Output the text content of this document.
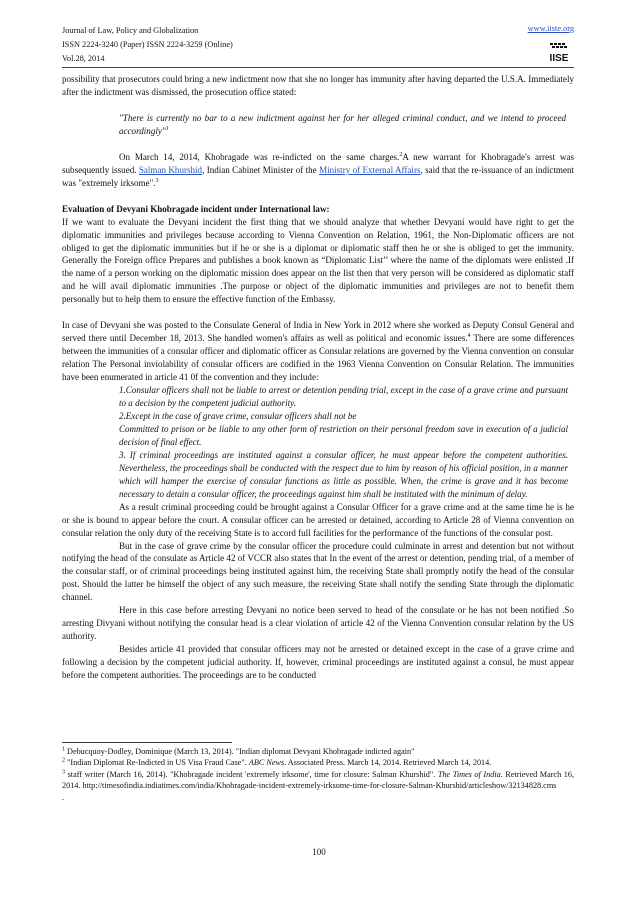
Journal of Law, Policy and Globalization
ISSN 2224-3240 (Paper) ISSN 2224-3259 (Online)
Vol.28, 2014
www.iiste.org
IISE

possibility that prosecutors could bring a new indictment now that she no longer has immunity after having departed the U.S.A. Immediately after the indictment was dismissed, the prosecution office stated:

"There is currently no bar to a new indictment against her for her alleged criminal conduct, and we intend to proceed accordingly"$^1$

On March 14, 2014, Khobragade was re-indicted on the same charges.$^2$A new warrant for Khobragade's arrest was subsequently issued. Salman Khurshid, Indian Cabinet Minister of the Ministry of External Affairs, said that the re-issuance of an indictment was "extremely irksome".$^3$

Evaluation of Devyani Khobragade incident under International law:

If we want to evaluate the Devyani incident the first thing that we should analyze that whether Devyani would have right to get the diplomatic immunities and privileges because according to Vienna Convention on Relation, 1961, the Non-Diplomatic officers are not obliged to get the diplomatic immunities but if he or she is a diplomat or diplomatic staff then he or she is obliged to get the immunity. Generally the Foreign office Prepares and publishes a book known as “Diplomatic List’’ where the name of the diplomats were enlisted .If the name of a person working on the diplomatic mission does appear on the list then that very person will be considered as diplomatic staff and he will avail diplomatic immunities .The purpose or object of the diplomatic immunities and privileges are not to benefit them personally but to help them to ensure the effective function of the Embassy.

In case of Devyani she was posted to the Consulate General of India in New York in 2012 where she worked as Deputy Consul General and served there until December 18, 2013. She handled women's affairs as well as political and economic issues.$^4$ There are some differences between the immunities of a consular officer and diplomatic officer as Consular relations are governed by the Vienna convention on consular relation The Personal inviolability of consular officers are codified in the 1963 Vienna Convention on Consular Relation. The immunities have been enumerated in article 41 0f the convention and they include:

1.Consular officers shall not be liable to arrest or detention pending trial, except in the case of a grave crime and pursuant to a decision by the competent judicial authority.

2.Except in the case of grave crime, consular officers shall not be

Committed to prison or be liable to any other form of restriction on their personal freedom save in execution of a judicial decision of final effect.

3. If criminal proceedings are instituted against a consular officer, he must appear before the competent authorities. Nevertheless, the proceedings shall be conducted with the respect due to him by reason of his official position, in a manner which will hamper the exercise of consular functions as little as possible. When, the crime is grave and it has become necessary to detain a consular officer, the proceedings against him shall be instituted with the minimum of delay.

As a result criminal proceeding could be brought against a Consular Officer for a grave crime and at the same time he is he or she is bound to appear before the court. A consular officer can be arrested or detained, according to Article 28 of Vienna convention on consular relation the only duty of the receiving State is to accord full facilities for the performance of the functions of the consular post.

But in the case of grave crime by the consular officer the procedure could culminate in arrest and detention but not without notifying the head of the consulate as Article 42 of VCCR also states that In the event of the arrest or detention, pending trial, of a member of the consular staff, or of criminal proceedings being instituted against him, the receiving State shall promptly notify the head of the consular post. Should the latter be himself the object of any such measure, the receiving State shall notify the sending State through the diplomatic channel.

Here in this case before arresting Devyani no notice been served to head of the consulate or he has not been notified .So arresting Divyani without notifying the consular head is a clear violation of article 42 of the Vienna Convention consular relation by the US authority.

Besides article 41 provided that consular officers may not be arrested or detained except in the case of a grave crime and following a decision by the competent judicial authority. If, however, criminal proceedings are instituted against a consul, he must appear before the competent authorities. The proceedings are to be conducted

$^1$ Debucquoy-Dodley, Dominique (March 13, 2014). "Indian diplomat Devyani Khobragade indicted again"

$^2$ "Indian Diplomat Re-Indicted in US Visa Fraud Case". ABC News. Associated Press. March 14, 2014. Retrieved March 14, 2014.

$^3$ staff writer (March 16, 2014). "Khobragade incident 'extremely irksome', time for closure: Salman Khurshid". The Times of India. Retrieved March 16, 2014. http://timesofindia.indiatimes.com/india/Khobragade-incident-extremely-irksome-time-for-closure-Salman-Khurshid/articleshow/32134828.cms

.

100
